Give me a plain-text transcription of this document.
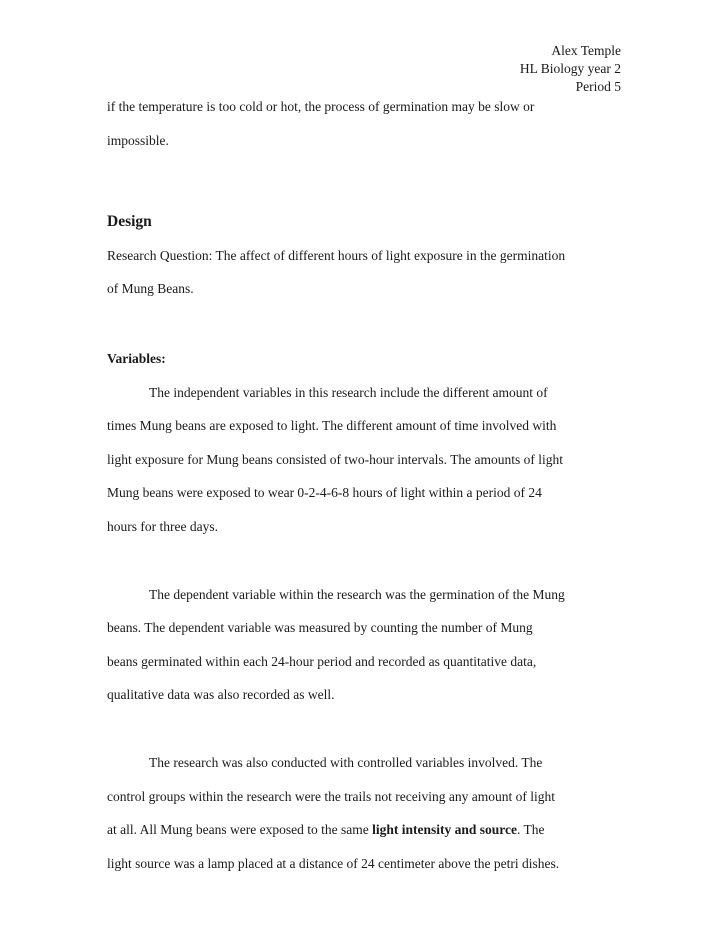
Alex Temple
HL Biology year 2
Period 5
if the temperature is too cold or hot, the process of germination may be slow or
impossible.
Design
Research Question: The affect of different hours of light exposure in the germination
of Mung Beans.
Variables:
The independent variables in this research include the different amount of
times Mung beans are exposed to light. The different amount of time involved with
light exposure for Mung beans consisted of two-hour intervals. The amounts of light
Mung beans were exposed to wear 0-2-4-6-8 hours of light within a period of 24
hours for three days.
The dependent variable within the research was the germination of the Mung
beans. The dependent variable was measured by counting the number of Mung
beans germinated within each 24-hour period and recorded as quantitative data,
qualitative data was also recorded as well.
The research was also conducted with controlled variables involved. The
control groups within the research were the trails not receiving any amount of light
at all. All Mung beans were exposed to the same light intensity and source. The
light source was a lamp placed at a distance of 24 centimeter above the petri dishes.
